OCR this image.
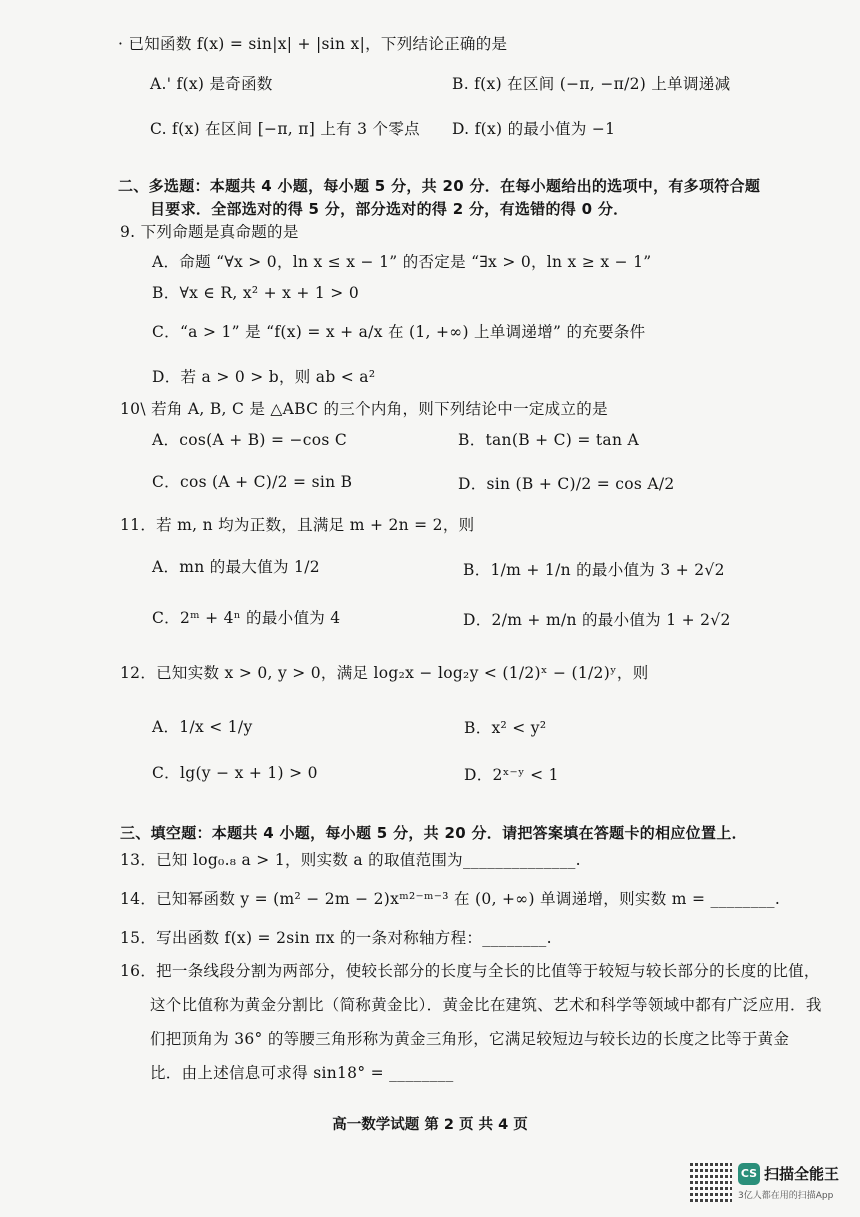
· 已知函数 f(x) = sin|x| + |sin x|，下列结论正确的是
A.' f(x) 是奇函数	B. f(x) 在区间 (−π, −π/2) 上单调递减
C. f(x) 在区间 [−π, π] 上有 3 个零点 D. f(x) 的最小值为 −1
二、多选题：本题共 4 小题，每小题 5 分，共 20 分．在每小题给出的选项中，有多项符合题
目要求．全部选对的得 5 分，部分选对的得 2 分，有选错的得 0 分．
9. 下列命题是真命题的是
A．命题 “∀x > 0，ln x ≤ x − 1” 的否定是 “∃x > 0，ln x ≥ x − 1”
B．∀x ∈ R, x² + x + 1 > 0
C．“a > 1” 是 “f(x) = x + a/x 在 (1, +∞) 上单调递增” 的充要条件
D．若 a > 0 > b，则 ab < a²
10\ 若角 A, B, C 是 △ABC 的三个内角，则下列结论中一定成立的是
A．cos(A + B) = −cos C	B．tan(B + C) = tan A
C．cos (A + C)/2 = sin B	D．sin (B + C)/2 = cos A/2
11．若 m, n 均为正数，且满足 m + 2n = 2，则
A．mn 的最大值为 1/2	B．1/m + 1/n 的最小值为 3 + 2√2
C．2ᵐ + 4ⁿ 的最小值为 4	D．2/m + m/n 的最小值为 1 + 2√2
12．已知实数 x > 0, y > 0，满足 log₂x − log₂y < (1/2)ˣ − (1/2)ʸ，则
A．1/x < 1/y	B．x² < y²
C．lg(y − x + 1) > 0	D．2ˣ⁻ʸ < 1
三、填空题：本题共 4 小题，每小题 5 分，共 20 分．请把答案填在答题卡的相应位置上．
13．已知 log₀.₈ a > 1，则实数 a 的取值范围为______________.
14．已知幂函数 y = (m² − 2m − 2)xᵐ²⁻ᵐ⁻³ 在 (0, +∞) 单调递增，则实数 m = ________.
15．写出函数 f(x) = 2sin πx 的一条对称轴方程：________.
16．把一条线段分割为两部分，使较长部分的长度与全长的比值等于较短与较长部分的长度的比值，
这个比值称为黄金分割比（简称黄金比）．黄金比在建筑、艺术和科学等领域中都有广泛应用．我
们把顶角为 36° 的等腰三角形称为黄金三角形，它满足较短边与较长边的长度之比等于黄金
比．由上述信息可求得 sin18° = ________
高一数学试题 第 2 页 共 4 页
CS 扫描全能王
3亿人都在用的扫描App
